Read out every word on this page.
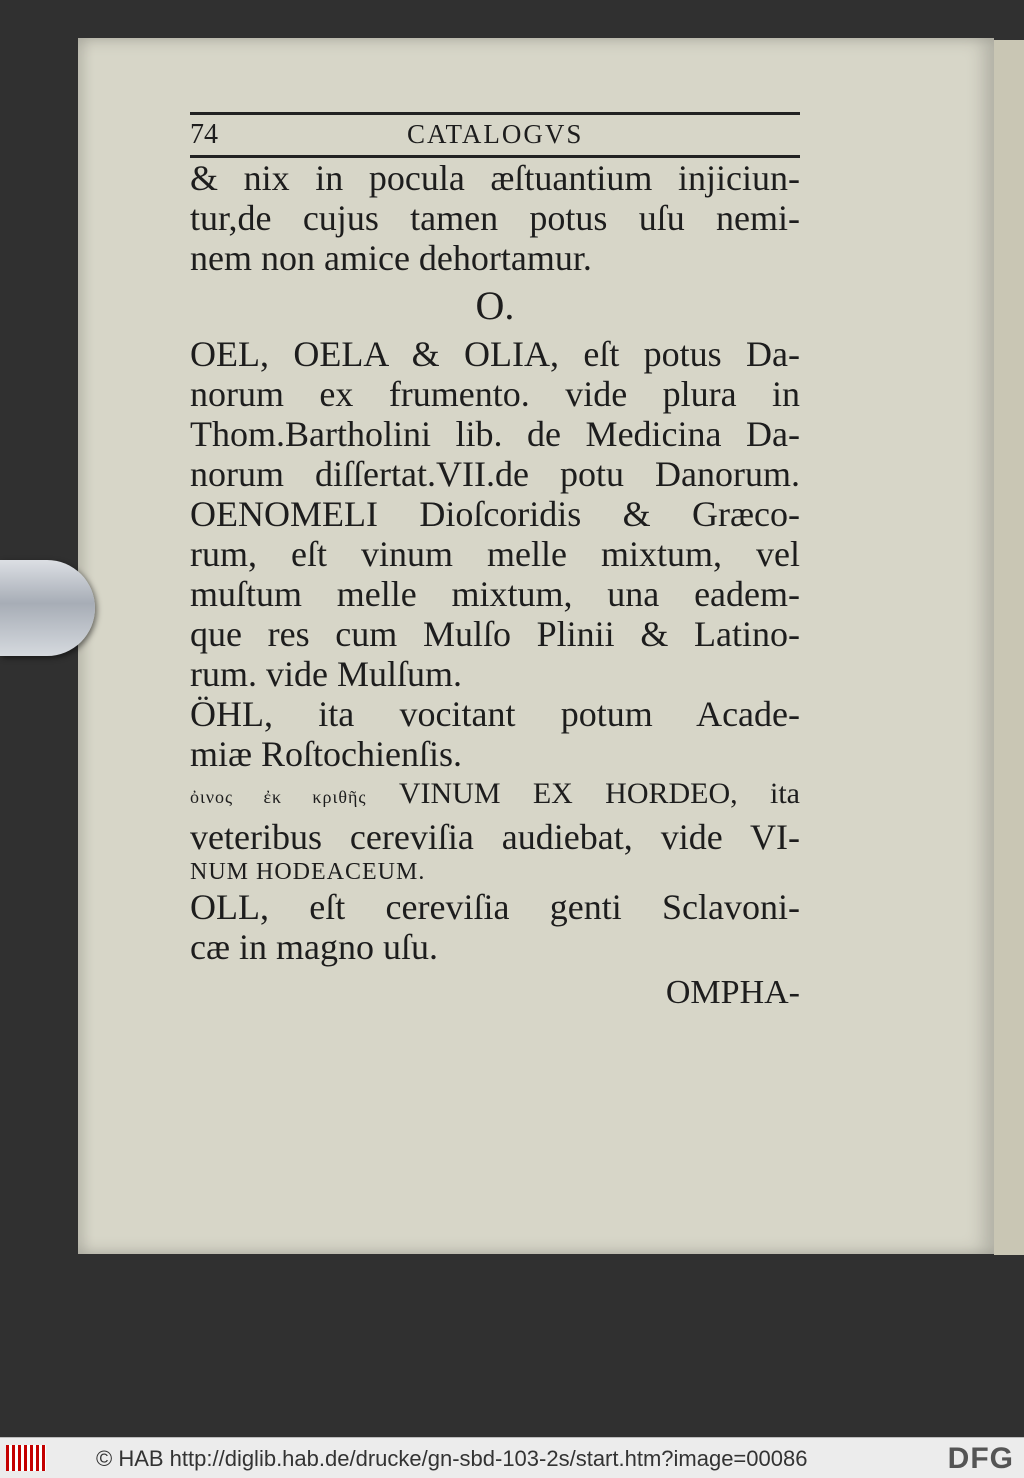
74	CATALOGVS
& nix in pocula æſtuantium injiciun-
tur,de cujus tamen potus uſu nemi-
nem non amice dehortamur.
O.
OEL, OELA & OLIA, eſt potus Da-
norum ex frumento. vide plura in
Thom.Bartholini lib. de Medicina Da-
norum diſſertat.VII.de potu Danorum.
OENOMELI Dioſcoridis & Græco-
rum, eſt vinum melle mixtum, vel
muſtum melle mixtum, una eadem-
que res cum Mulſo Plinii & Latino-
rum. vide Mulſum.
ÖHL, ita vocitant potum Acade-
miæ Roſtochienſis.
ὀινος ἐκ κριθῆς VINUM EX HORDEO, ita
veteribus cereviſia audiebat, vide VI-
NUM HODEACEUM.
OLL, eſt cereviſia genti Sclavoni-
cæ in magno uſu.
OMPHA-
© HAB http://diglib.hab.de/drucke/gn-sbd-103-2s/start.htm?image=00086	DFG
